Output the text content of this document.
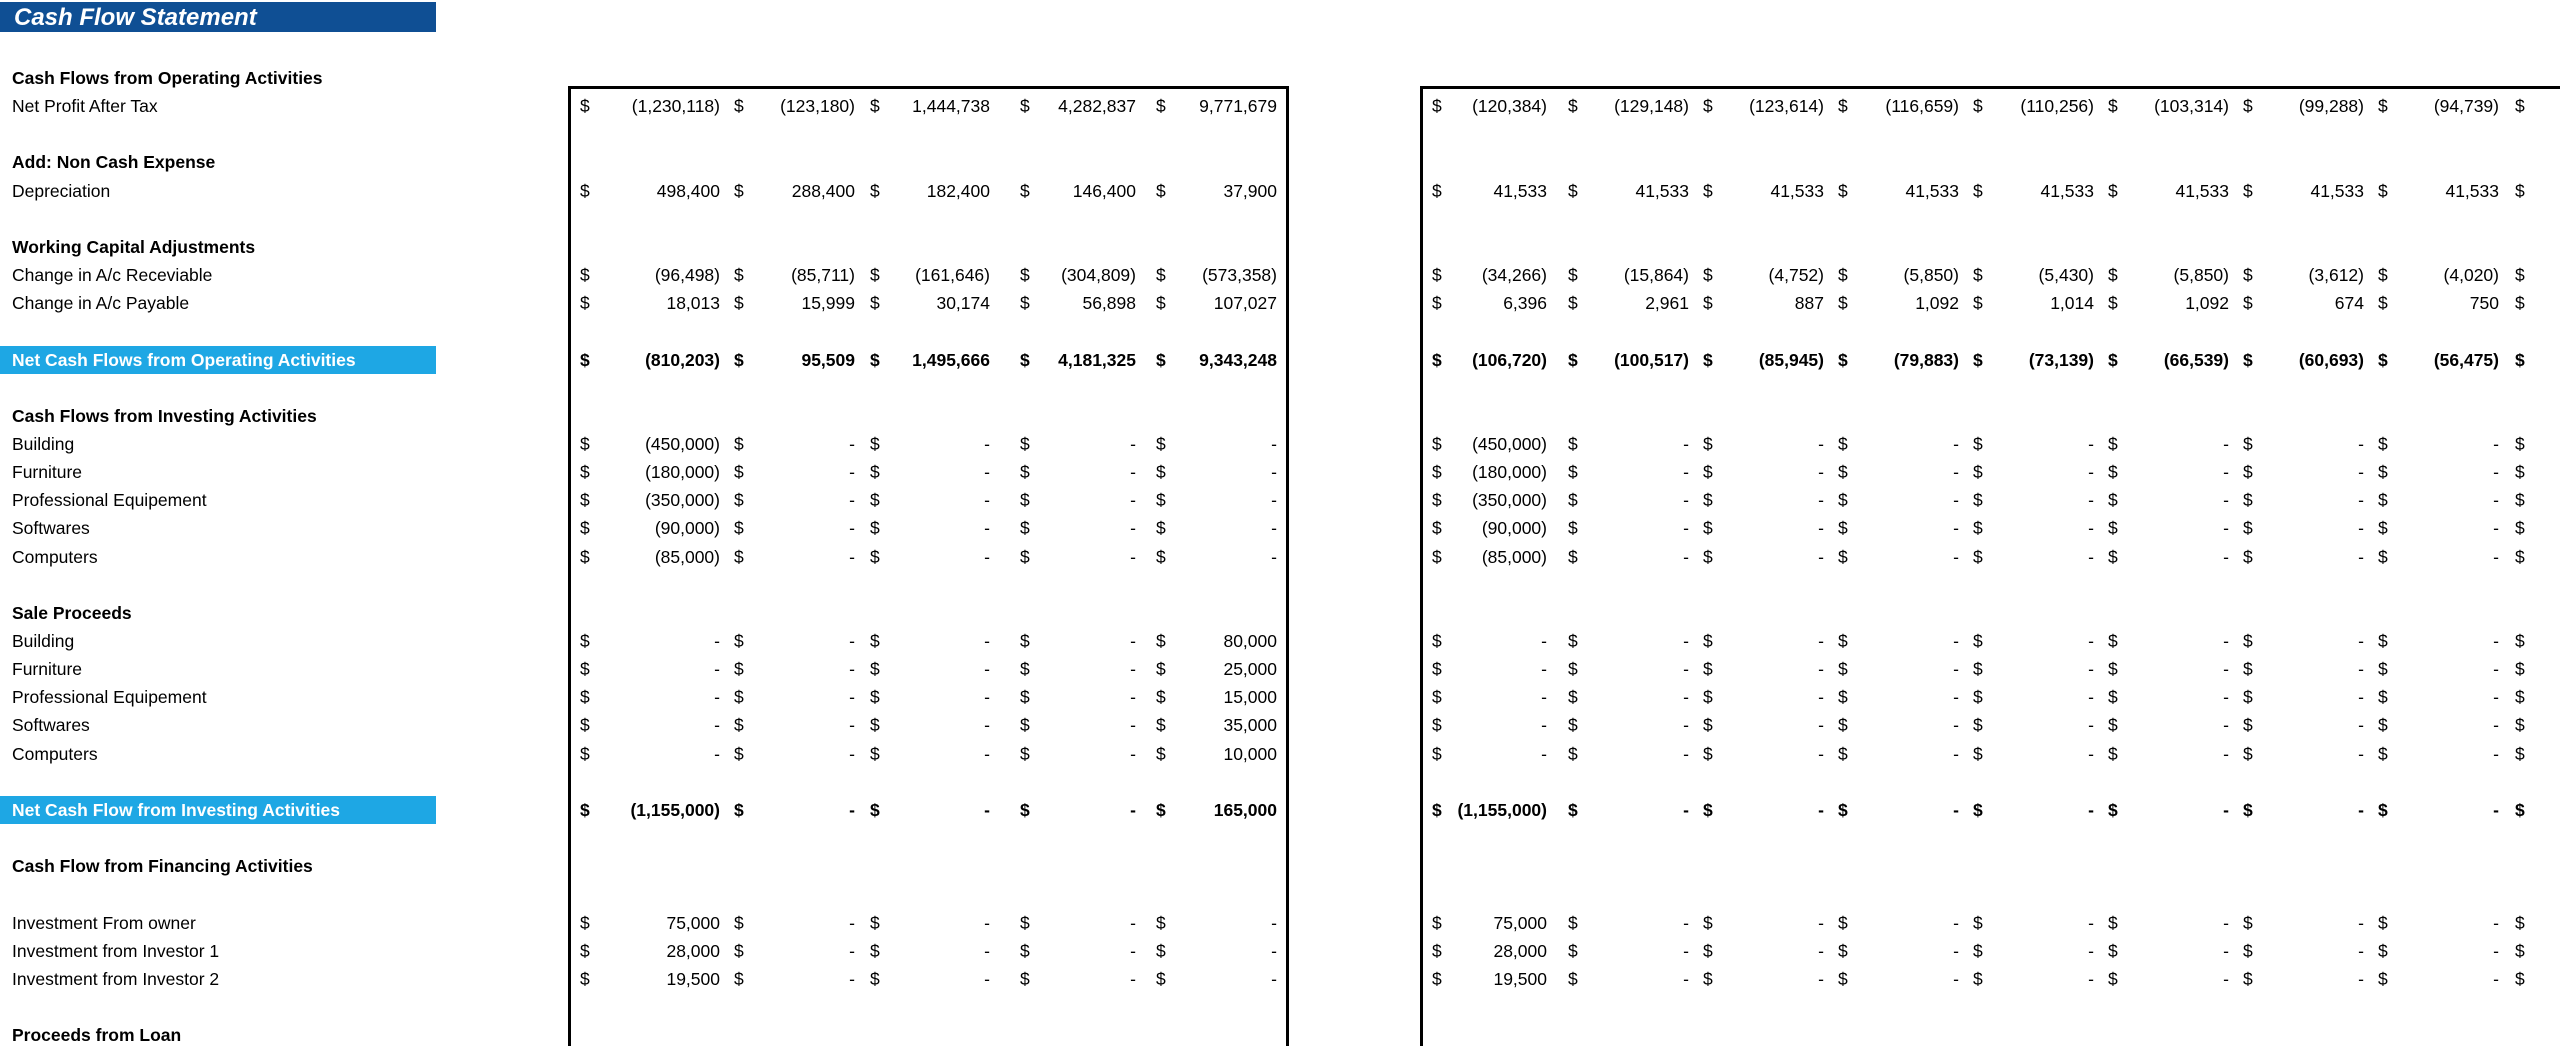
Cash Flow Statement
Cash Flows from Operating Activities
Net Profit After Tax	$ (1,230,118) $ (123,180) $ 1,444,738 $ 4,282,837 $ 9,771,679	$ (120,384) $ (129,148) $ (123,614) $ (116,659) $ (110,256) $ (103,314) $	(99,288) $	(94,739) $
Add: Non Cash Expense
Depreciation	$	498,400 $	288,400 $	182,400 $ 146,400 $	37,900	$	41,533 $	41,533 $	41,533 $	41,533 $	41,533 $	41,533 $	41,533 $	41,533 $
Working Capital Adjustments
Change in A/c Receviable	$	(96,498) $	(85,711) $ (161,646) $ (304,809) $ (573,358)	$ (34,266) $	(15,864) $	(4,752) $	(5,850) $	(5,430) $	(5,850) $	(3,612) $	(4,020) $
Change in A/c Payable	$	18,013 $	15,999 $	30,174 $	56,898 $	107,027	$	6,396 $	2,961 $	887 $	1,092 $	1,014 $	1,092 $	674 $	750 $
Net Cash Flows from Operating Activities	$	(810,203) $	95,509 $ 1,495,666 $ 4,181,325 $ 9,343,248	$ (106,720) $ (100,517) $	(85,945) $	(79,883) $	(73,139) $	(66,539) $	(60,693) $	(56,475) $
Cash Flows from Investing Activities
Building	$	(450,000) $	- $	- $	- $	-	$ (450,000) $	- $	- $	- $	- $	- $	- $	- $
Furniture	$	(180,000) $	- $	- $	- $	-	$ (180,000) $	- $	- $	- $	- $	- $	- $	- $
Professional Equipement	$	(350,000) $	- $	- $	- $	-	$ (350,000) $	- $	- $	- $	- $	- $	- $	- $
Softwares	$	(90,000) $	- $	- $	- $	-	$ (90,000) $	- $	- $	- $	- $	- $	- $	- $
Computers	$	(85,000) $	- $	- $	- $	-	$ (85,000) $	- $	- $	- $	- $	- $	- $	- $
Sale Proceeds
Building	$	- $	- $	- $	- $	80,000	$	- $	- $	- $	- $	- $	- $	- $	- $
Furniture	$	- $	- $	- $	- $	25,000	$	- $	- $	- $	- $	- $	- $	- $	- $
Professional Equipement	$	- $	- $	- $	- $	15,000	$	- $	- $	- $	- $	- $	- $	- $	- $
Softwares	$	- $	- $	- $	- $	35,000	$	- $	- $	- $	- $	- $	- $	- $	- $
Computers	$	- $	- $	- $	- $	10,000	$	- $	- $	- $	- $	- $	- $	- $	- $
Net Cash Flow from Investing Activities	$ (1,155,000) $	- $	- $	- $	165,000	$ (1,155,000) $	- $	- $	- $	- $	- $	- $	- $
Cash Flow from Financing Activities
Investment From owner	$	75,000 $	- $	- $	- $	-	$	75,000 $	- $	- $	- $	- $	- $	- $	- $
Investment from Investor 1	$	28,000 $	- $	- $	- $	-	$	28,000 $	- $	- $	- $	- $	- $	- $	- $
Investment from Investor 2	$	19,500 $	- $	- $	- $	-	$	19,500 $	- $	- $	- $	- $	- $	- $	- $
Proceeds from Loan
